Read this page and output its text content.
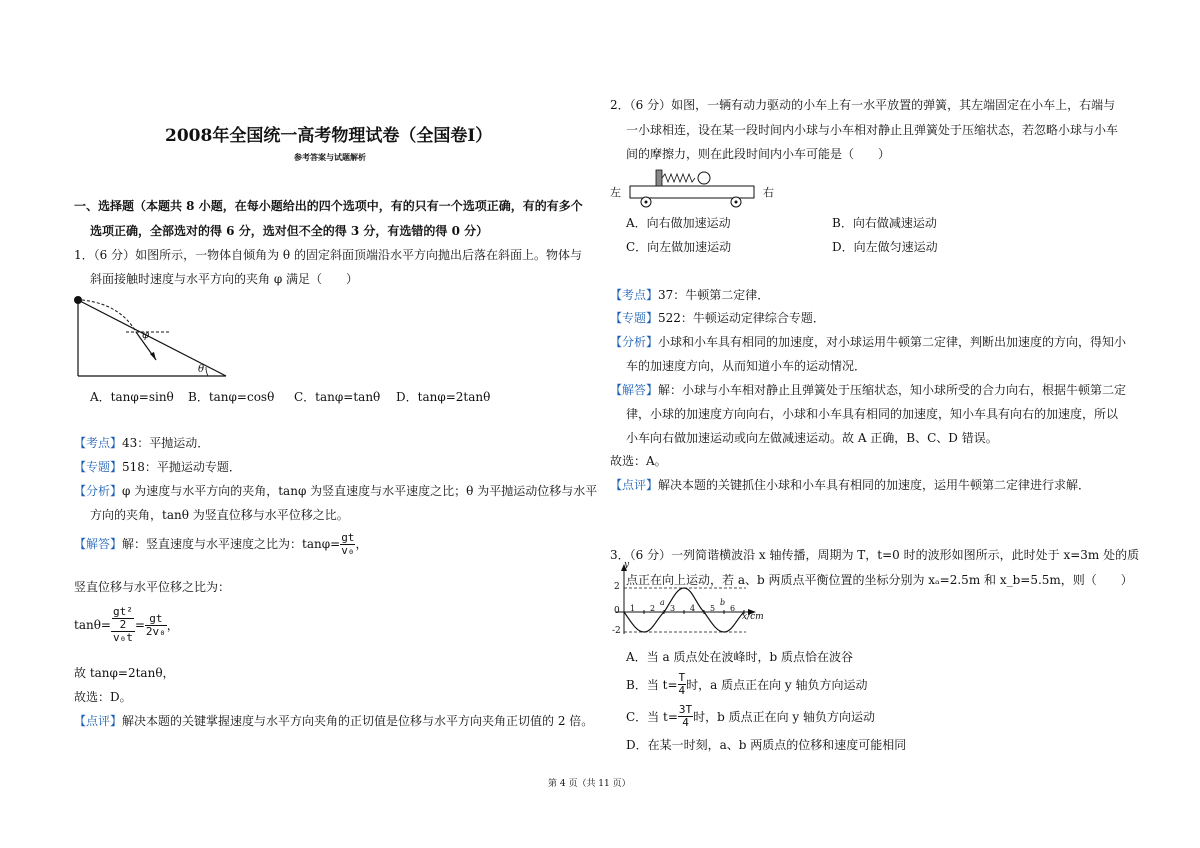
2008年全国统一高考物理试卷（全国卷Ⅰ）
参考答案与试题解析
一、选择题（本题共 8 小题，在每小题给出的四个选项中，有的只有一个选项正确，有的有多个
选项正确，全部选对的得 6 分，选对但不全的得 3 分，有选错的得 0 分）
1．（6 分）如图所示，一物体自倾角为 θ 的固定斜面顶端沿水平方向抛出后落在斜面上。物体与
斜面接触时速度与水平方向的夹角 φ 满足（　　）
φ
θ
A．tanφ=sinθ B．tanφ=cosθ C．tanφ=tanθ D．tanφ=2tanθ
【考点】43：平抛运动．
【专题】518：平抛运动专题．
【分析】φ 为速度与水平方向的夹角，tanφ 为竖直速度与水平速度之比；θ 为平抛运动位移与水平
方向的夹角，tanθ 为竖直位移与水平位移之比。
【解答】解：竖直速度与水平速度之比为：$\tan\varphi= \frac{gt}{\text{v₀}}$ ，
竖直位移与水平位移之比为：
$\tan\theta= \frac{\frac{\text{gt²}}{2}}{\text{v₀t}} = \frac{gt}{\text{2v₀}}$ ，
故 tanφ=2tanθ，
故选：D。
【点评】解决本题的关键掌握速度与水平方向夹角的正切值是位移与水平方向夹角正切值的 2 倍。
2．（6 分）如图，一辆有动力驱动的小车上有一水平放置的弹簧，其左端固定在小车上，右端与
一小球相连，设在某一段时间内小球与小车相对静止且弹簧处于压缩状态，若忽略小球与小车
间的摩擦力，则在此段时间内小车可能是（　　）
左	右
A．向右做加速运动	B．向右做减速运动
C．向左做加速运动	D．向左做匀速运动
【考点】37：牛顿第二定律．
【专题】522：牛顿运动定律综合专题．
【分析】小球和小车具有相同的加速度，对小球运用牛顿第二定律，判断出加速度的方向，得知小
车的加速度方向，从而知道小车的运动情况．
【解答】解：小球与小车相对静止且弹簧处于压缩状态，知小球所受的合力向右，根据牛顿第二定
律，小球的加速度方向向右，小球和小车具有相同的加速度，知小车具有向右的加速度，所以
小车向右做加速运动或向左做减速运动。故 A 正确，B、C、D 错误。
故选：A。
【点评】解决本题的关键抓住小球和小车具有相同的加速度，运用牛顿第二定律进行求解．
3．（6 分）一列简谐横波沿 x 轴传播，周期为 T，t=0 时的波形如图所示，此时处于 x=3m 处的质
点正在向上运动，若 a、b 两质点平衡位置的坐标分别为 xₐ=2.5m 和 x_b=5.5m，则（　　）
y
x/cm
2
-2
0 1 2 3 4 5 6
a	b
A．当 a 质点处在波峰时，b 质点恰在波谷
B．当 $t= \frac{T}{4}$ 时，a 质点正在向 y 轴负方向运动
C．当 $t= \frac{3T}{4}$ 时，b 质点正在向 y 轴负方向运动
D．在某一时刻，a、b 两质点的位移和速度可能相同
第 4 页（共 11 页）
